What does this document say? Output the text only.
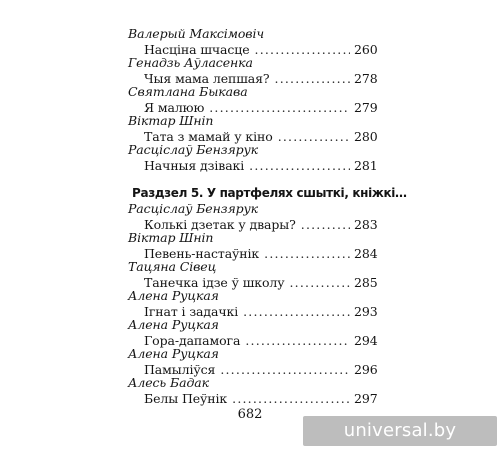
Валерый Максімовіч
Насціна шчасце .....	260
Генадзь Аўласенка
Чыя мама лепшая? .....	278
Святлана Быкава
Я малюю .....	279
Віктар Шніп
Тата з мамай у кіно .....	280
Расціслаў Бензярук
Начныя дзівакі .....	281
Раздзел 5. У партфелях сшыткі, кніжкі…
Расціслаў Бензярук
Колькі дзетак у двары? .....	283
Віктар Шніп
Певень-настаўнік .....	284
Тацяна Сівец
Танечка ідзе ў школу .....	285
Алена Руцкая
Ігнат і задачкі .....	293
Алена Руцкая
Гора-дапамога .....	294
Алена Руцкая
Памыліўся .....	296
Алесь Бадак
Белы Пеўнік .....	297
682
universal.by
